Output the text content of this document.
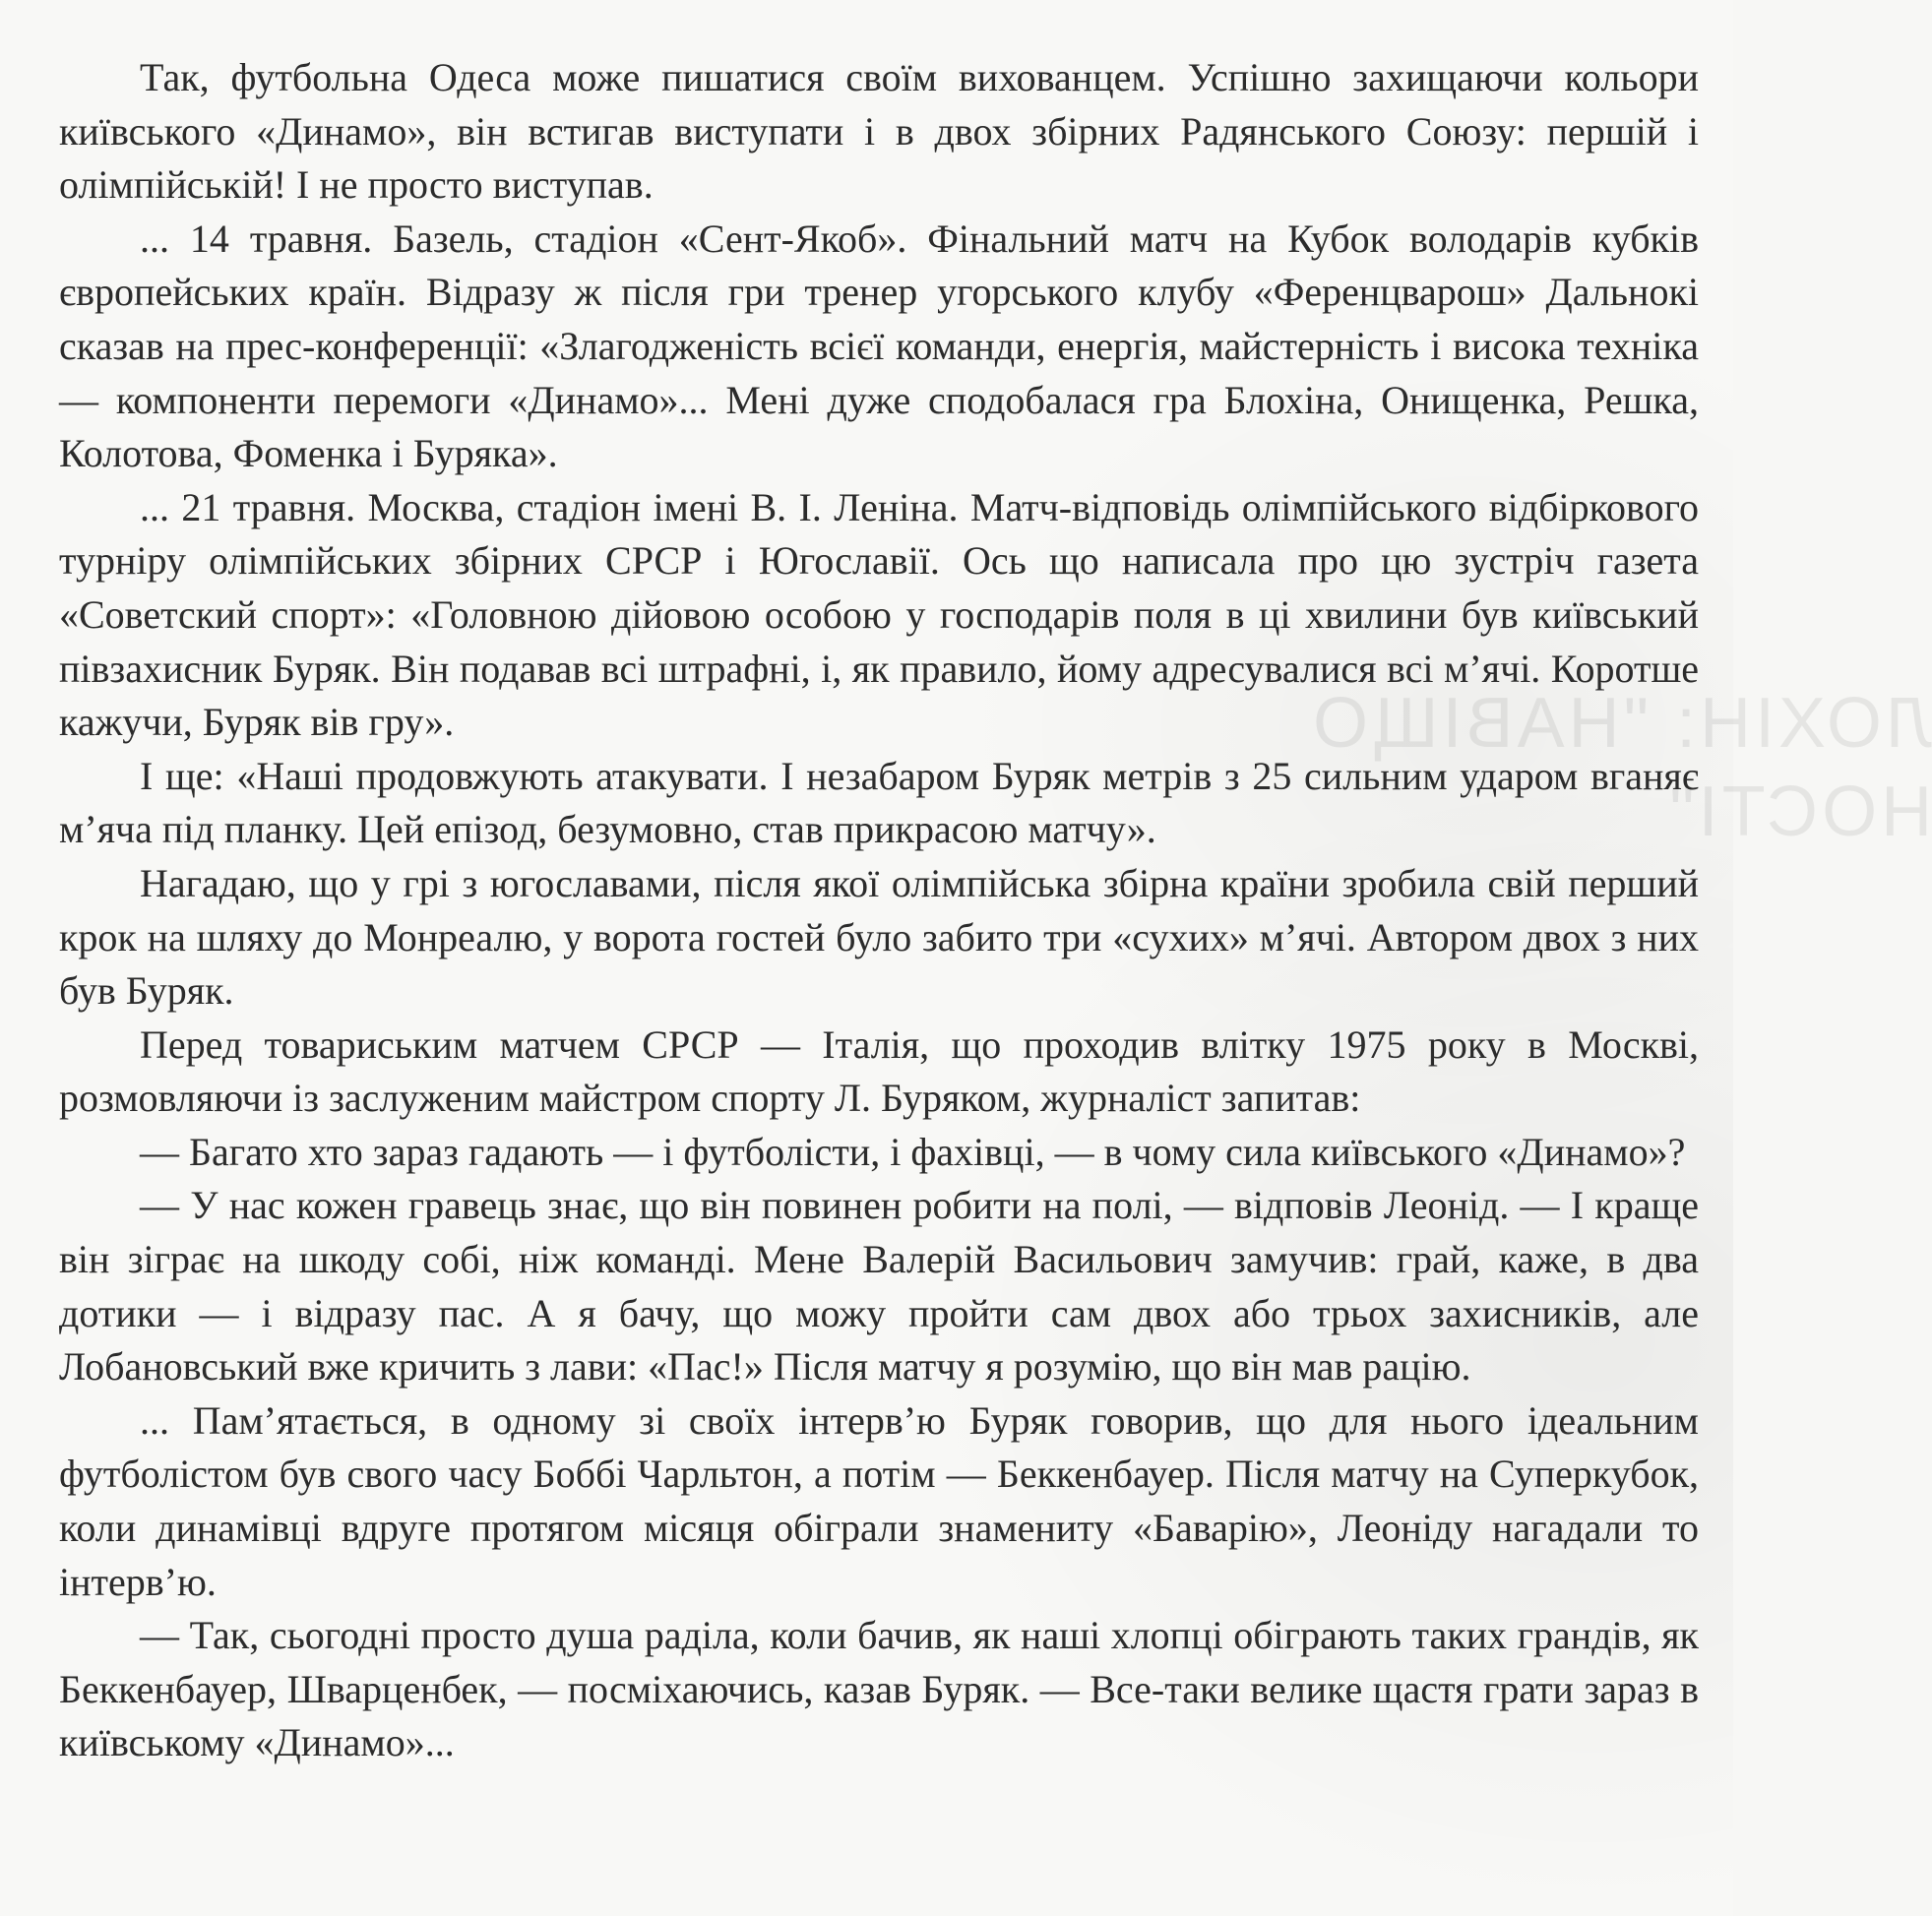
ЛОХІН: "НАВІЩО
НОСТІ"

Так, футбольна Одеса може пишатися своїм вихованцем. Успішно захищаючи кольори київського «Динамо», він встигав виступати і в двох збірних Радянського Союзу: першій і олімпійській! І не просто виступав.

... 14 травня. Базель, стадіон «Сент-Якоб». Фінальний матч на Кубок володарів кубків європейських країн. Відразу ж після гри тренер угорського клубу «Ференцварош» Дальнокі сказав на прес-конференції: «Злагодженість всієї команди, енергія, майстерність і висока техніка — компоненти перемоги «Динамо»... Мені дуже сподобалася гра Блохіна, Онищенка, Решка, Колотова, Фоменка і Буряка».

... 21 травня. Москва, стадіон імені В. І. Леніна. Матч-відповідь олімпійського відбіркового турніру олімпійських збірних СРСР і Югославії. Ось що написала про цю зустріч газета «Советский спорт»: «Головною дійовою особою у господарів поля в ці хвилини був київський півзахисник Буряк. Він подавав всі штрафні, і, як правило, йому адресувалися всі м’ячі. Коротше кажучи, Буряк вів гру».

І ще: «Наші продовжують атакувати. І незабаром Буряк метрів з 25 сильним ударом вганяє м’яча під планку. Цей епізод, безумовно, став прикрасою матчу».

Нагадаю, що у грі з югославами, після якої олімпійська збірна країни зробила свій перший крок на шляху до Монреалю, у ворота гостей було забито три «сухих» м’ячі. Автором двох з них був Буряк.

Перед товариським матчем СРСР — Італія, що проходив влітку 1975 року в Москві, розмовляючи із заслуженим майстром спорту Л. Буряком, журналіст запитав:

— Багато хто зараз гадають — і футболісти, і фахівці, — в чому сила київського «Динамо»?

— У нас кожен гравець знає, що він повинен робити на полі, — відповів Леонід. — І краще він зіграє на шкоду собі, ніж команді. Мене Валерій Васильович замучив: грай, каже, в два дотики — і відразу пас. А я бачу, що можу пройти сам двох або трьох захисників, але Лобановський вже кричить з лави: «Пас!» Після матчу я розумію, що він мав рацію.

... Пам’ятається, в одному зі своїх інтерв’ю Буряк говорив, що для нього ідеальним футболістом був свого часу Боббі Чарльтон, а потім — Беккенбауер. Після матчу на Суперкубок, коли динамівці вдруге протягом місяця обіграли знамениту «Баварію», Леоніду нагадали то інтерв’ю.

— Так, сьогодні просто душа раділа, коли бачив, як наші хлопці обіграють таких грандів, як Беккенбауер, Шварценбек, — посміхаючись, казав Буряк. — Все-таки велике щастя грати зараз в київському «Динамо»...
